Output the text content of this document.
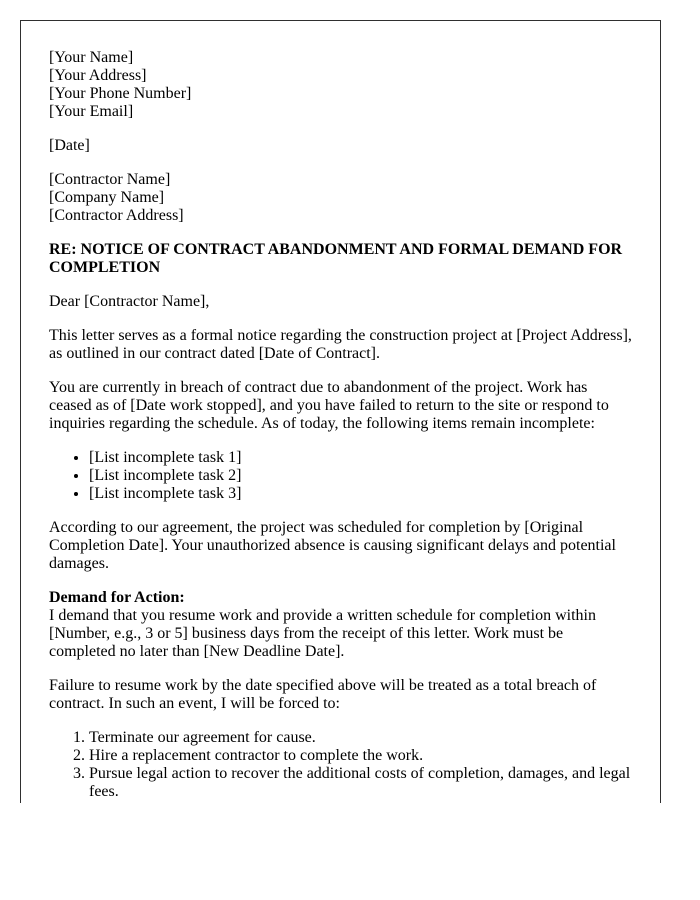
[Your Name]
[Your Address]
[Your Phone Number]
[Your Email]

[Date]

[Contractor Name]
[Company Name]
[Contractor Address]

RE: NOTICE OF CONTRACT ABANDONMENT AND FORMAL DEMAND FOR COMPLETION

Dear [Contractor Name],

This letter serves as a formal notice regarding the construction project at [Project Address], as outlined in our contract dated [Date of Contract].

You are currently in breach of contract due to abandonment of the project. Work has ceased as of [Date work stopped], and you have failed to return to the site or respond to inquiries regarding the schedule. As of today, the following items remain incomplete:

• [List incomplete task 1]
• [List incomplete task 2]
• [List incomplete task 3]

According to our agreement, the project was scheduled for completion by [Original Completion Date]. Your unauthorized absence is causing significant delays and potential damages.

Demand for Action:
I demand that you resume work and provide a written schedule for completion within [Number, e.g., 3 or 5] business days from the receipt of this letter. Work must be completed no later than [New Deadline Date].

Failure to resume work by the date specified above will be treated as a total breach of contract. In such an event, I will be forced to:

1. Terminate our agreement for cause.
2. Hire a replacement contractor to complete the work.
3. Pursue legal action to recover the additional costs of completion, damages, and legal fees.
